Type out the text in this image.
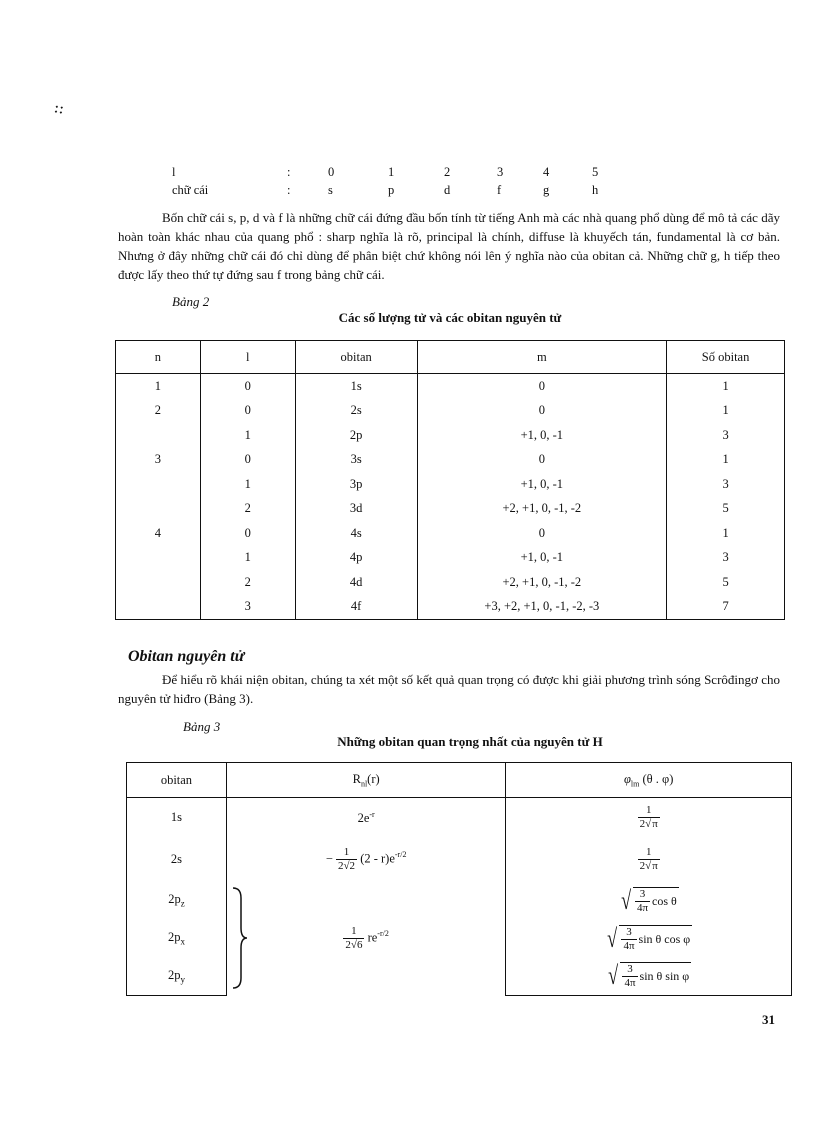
⁘
l	:	0	1	2	3	4	5
chữ cái	:	s	p	d	f	g	h

Bốn chữ cái s, p, d và f là những chữ cái đứng đầu bốn tính từ tiếng Anh mà các nhà quang phổ dùng để mô tả các dãy hoàn toàn khác nhau của quang phổ : sharp nghĩa là rõ, principal là chính, diffuse là khuyếch tán, fundamental là cơ bản. Nhưng ở đây những chữ cái đó chỉ dùng để phân biệt chứ không nói lên ý nghĩa nào của obitan cả. Những chữ g, h tiếp theo được lấy theo thứ tự đứng sau f trong bảng chữ cái.

Bảng 2
Các số lượng tử và các obitan nguyên tử
n	l	obitan	m	Số obitan
1	0	1s	0	1
2	0	2s	0	1
	1	2p	+1, 0, -1	3
3	0	3s	0	1
	1	3p	+1, 0, -1	3
	2	3d	+2, +1, 0, -1, -2	5
4	0	4s	0	1
	1	4p	+1, 0, -1	3
	2	4d	+2, +1, 0, -1, -2	5
	3	4f	+3, +2, +1, 0, -1, -2, -3	7
Obitan nguyên tử

Để hiểu rõ khái niện obitan, chúng ta xét một số kết quả quan trọng có được khi giải phương trình sóng Scrôđingơ cho nguyên tử hiđro (Bảng 3).

Bảng 3
Những obitan quan trọng nhất của nguyên tử H
obitan	$R_{nl}(r)$	$\varphi_{lm}$ (θ . φ)
1s	$2e^{-r}$	$\frac{1}{2√\pi}$

2s	− $\frac{1}{2√2} (2 - r)e^{-r/2}$	$\frac{1}{2√\pi}$

$2p_z$	$\frac{1}{2√6} re^{-r/2}$	√ $\frac{3}{4\pi}$ cos θ

$2p_x$		√ $\frac{3}{4\pi}$ sin θ cos φ

$2p_y$		√ $\frac{3}{4\pi}$ sin θ sin φ
31
